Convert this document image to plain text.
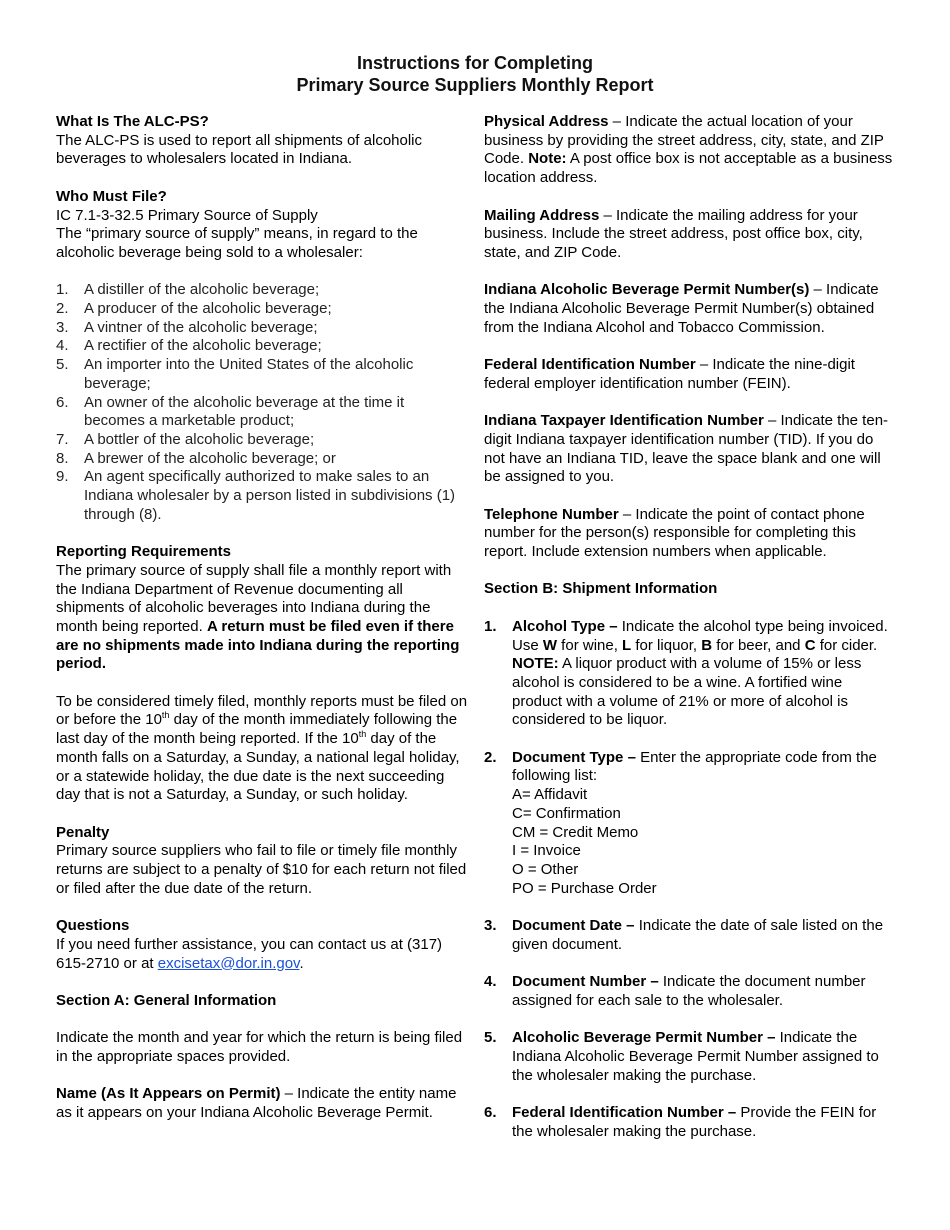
Instructions for Completing
Primary Source Suppliers Monthly Report

What Is The ALC-PS?
The ALC-PS is used to report all shipments of alcoholic beverages to wholesalers located in Indiana.

Who Must File?
IC 7.1-3-32.5 Primary Source of Supply
The “primary source of supply” means, in regard to the alcoholic beverage being sold to a wholesaler:

1. A distiller of the alcoholic beverage;
2. A producer of the alcoholic beverage;
3. A vintner of the alcoholic beverage;
4. A rectifier of the alcoholic beverage;
5. An importer into the United States of the alcoholic beverage;
6. An owner of the alcoholic beverage at the time it becomes a marketable product;
7. A bottler of the alcoholic beverage;
8. A brewer of the alcoholic beverage; or
9. An agent specifically authorized to make sales to an Indiana wholesaler by a person listed in subdivisions (1) through (8).

Reporting Requirements
The primary source of supply shall file a monthly report with the Indiana Department of Revenue documenting all shipments of alcoholic beverages into Indiana during the month being reported. A return must be filed even if there are no shipments made into Indiana during the reporting period.

To be considered timely filed, monthly reports must be filed on or before the 10th day of the month immediately following the last day of the month being reported. If the 10th day of the month falls on a Saturday, a Sunday, a national legal holiday, or a statewide holiday, the due date is the next succeeding day that is not a Saturday, a Sunday, or such holiday.

Penalty
Primary source suppliers who fail to file or timely file monthly returns are subject to a penalty of $10 for each return not filed or filed after the due date of the return.

Questions
If you need further assistance, you can contact us at (317) 615-2710 or at excisetax@dor.in.gov.

Section A: General Information

Indicate the month and year for which the return is being filed in the appropriate spaces provided.

Name (As It Appears on Permit) – Indicate the entity name as it appears on your Indiana Alcoholic Beverage Permit.

Physical Address – Indicate the actual location of your business by providing the street address, city, state, and ZIP Code. Note: A post office box is not acceptable as a business location address.

Mailing Address – Indicate the mailing address for your business. Include the street address, post office box, city, state, and ZIP Code.

Indiana Alcoholic Beverage Permit Number(s) – Indicate the Indiana Alcoholic Beverage Permit Number(s) obtained from the Indiana Alcohol and Tobacco Commission.

Federal Identification Number – Indicate the nine-digit federal employer identification number (FEIN).

Indiana Taxpayer Identification Number – Indicate the ten-digit Indiana taxpayer identification number (TID). If you do not have an Indiana TID, leave the space blank and one will be assigned to you.

Telephone Number – Indicate the point of contact phone number for the person(s) responsible for completing this report. Include extension numbers when applicable.

Section B: Shipment Information

1. Alcohol Type – Indicate the alcohol type being invoiced. Use W for wine, L for liquor, B for beer, and C for cider. NOTE: A liquor product with a volume of 15% or less alcohol is considered to be a wine. A fortified wine product with a volume of 21% or more of alcohol is considered to be liquor.
2. Document Type – Enter the appropriate code from the following list:
A= Affidavit
C= Confirmation
CM = Credit Memo
I = Invoice
O = Other
PO = Purchase Order
3. Document Date – Indicate the date of sale listed on the given document.
4. Document Number – Indicate the document number assigned for each sale to the wholesaler.
5. Alcoholic Beverage Permit Number – Indicate the Indiana Alcoholic Beverage Permit Number assigned to the wholesaler making the purchase.
6. Federal Identification Number – Provide the FEIN for the wholesaler making the purchase.
